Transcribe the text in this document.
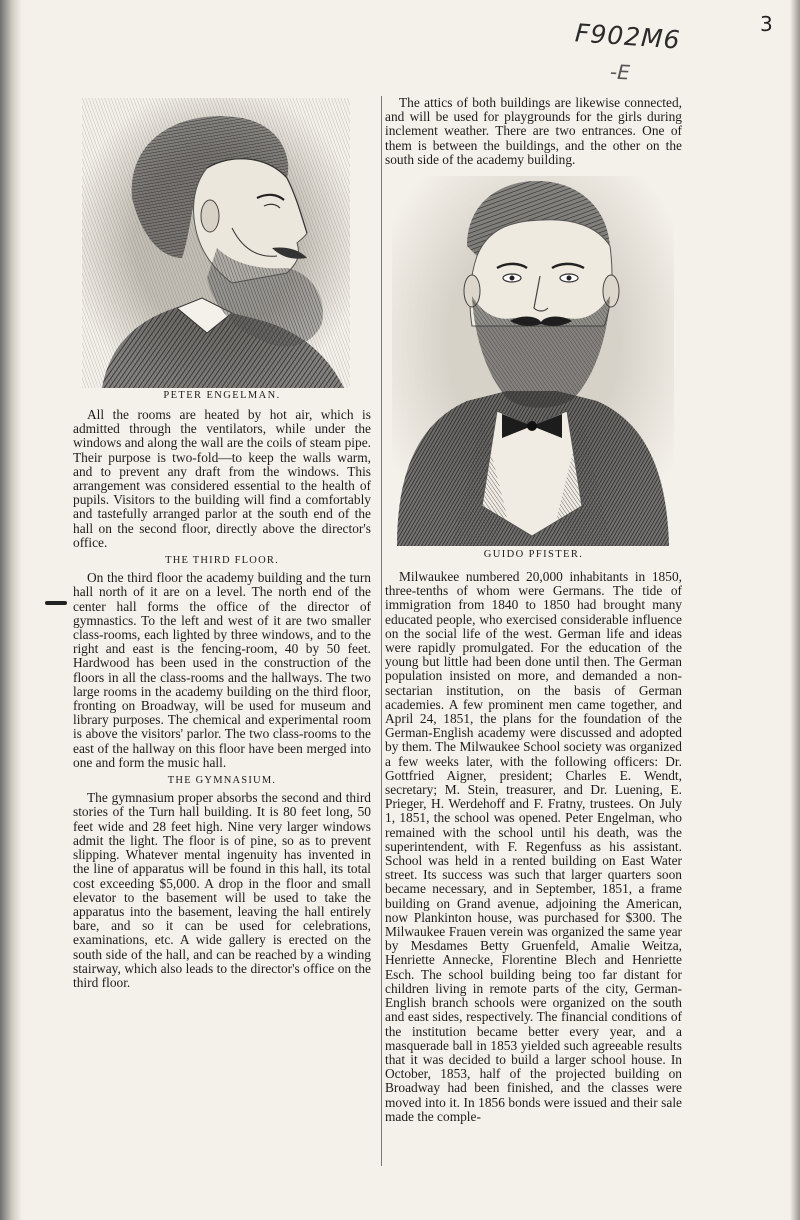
F902M6
-E
3
PETER ENGELMAN.
GUIDO PFISTER.

The attics of both buildings are likewise connected, and will be used for playgrounds for the girls during inclement weather. There are two entrances. One of them is between the buildings, and the other on the south side of the academy building.

All the rooms are heated by hot air, which is admitted through the ventilators, while under the windows and along the wall are the coils of steam pipe. Their purpose is two-fold—to keep the walls warm, and to prevent any draft from the windows. This arrangement was considered essential to the health of pupils. Visitors to the building will find a comfortably and tastefully arranged parlor at the south end of the hall on the second floor, directly above the director's office.

THE THIRD FLOOR.

On the third floor the academy building and the turn hall north of it are on a level. The north end of the center hall forms the office of the director of gymnastics. To the left and west of it are two smaller class-rooms, each lighted by three windows, and to the right and east is the fencing-room, 40 by 50 feet. Hardwood has been used in the construction of the floors in all the class-rooms and the hallways. The two large rooms in the academy building on the third floor, fronting on Broadway, will be used for museum and library purposes. The chemical and experimental room is above the visitors' parlor. The two class-rooms to the east of the hallway on this floor have been merged into one and form the music hall.

THE GYMNASIUM.

The gymnasium proper absorbs the second and third stories of the Turn hall building. It is 80 feet long, 50 feet wide and 28 feet high. Nine very larger windows admit the light. The floor is of pine, so as to prevent slipping. Whatever mental ingenuity has invented in the line of apparatus will be found in this hall, its total cost exceeding $5,000. A drop in the floor and small elevator to the basement will be used to take the apparatus into the basement, leaving the hall entirely bare, and so it can be used for celebrations, examinations, etc. A wide gallery is erected on the south side of the hall, and can be reached by a winding stairway, which also leads to the director's office on the third floor.

Milwaukee numbered 20,000 inhabitants in 1850, three-tenths of whom were Germans. The tide of immigration from 1840 to 1850 had brought many educated people, who exercised considerable influence on the social life of the west. German life and ideas were rapidly promulgated. For the education of the young but little had been done until then. The German population insisted on more, and demanded a non-sectarian institution, on the basis of German academies. A few prominent men came together, and April 24, 1851, the plans for the foundation of the German-English academy were discussed and adopted by them. The Milwaukee School society was organized a few weeks later, with the following officers: Dr. Gottfried Aigner, president; Charles E. Wendt, secretary; M. Stein, treasurer, and Dr. Luening, E. Prieger, H. Werdehoff and F. Fratny, trustees. On July 1, 1851, the school was opened. Peter Engelman, who remained with the school until his death, was the superintendent, with F. Regenfuss as his assistant. School was held in a rented building on East Water street. Its success was such that larger quarters soon became necessary, and in September, 1851, a frame building on Grand avenue, adjoining the American, now Plankinton house, was purchased for $300. The Milwaukee Frauen verein was organized the same year by Mesdames Betty Gruenfeld, Amalie Weitza, Henriette Annecke, Florentine Blech and Henriette Esch. The school building being too far distant for children living in remote parts of the city, German-English branch schools were organized on the south and east sides, respectively. The financial conditions of the institution became better every year, and a masquerade ball in 1853 yielded such agreeable results that it was decided to build a larger school house. In October, 1853, half of the projected building on Broadway had been finished, and the classes were moved into it. In 1856 bonds were issued and their sale made the comple-
